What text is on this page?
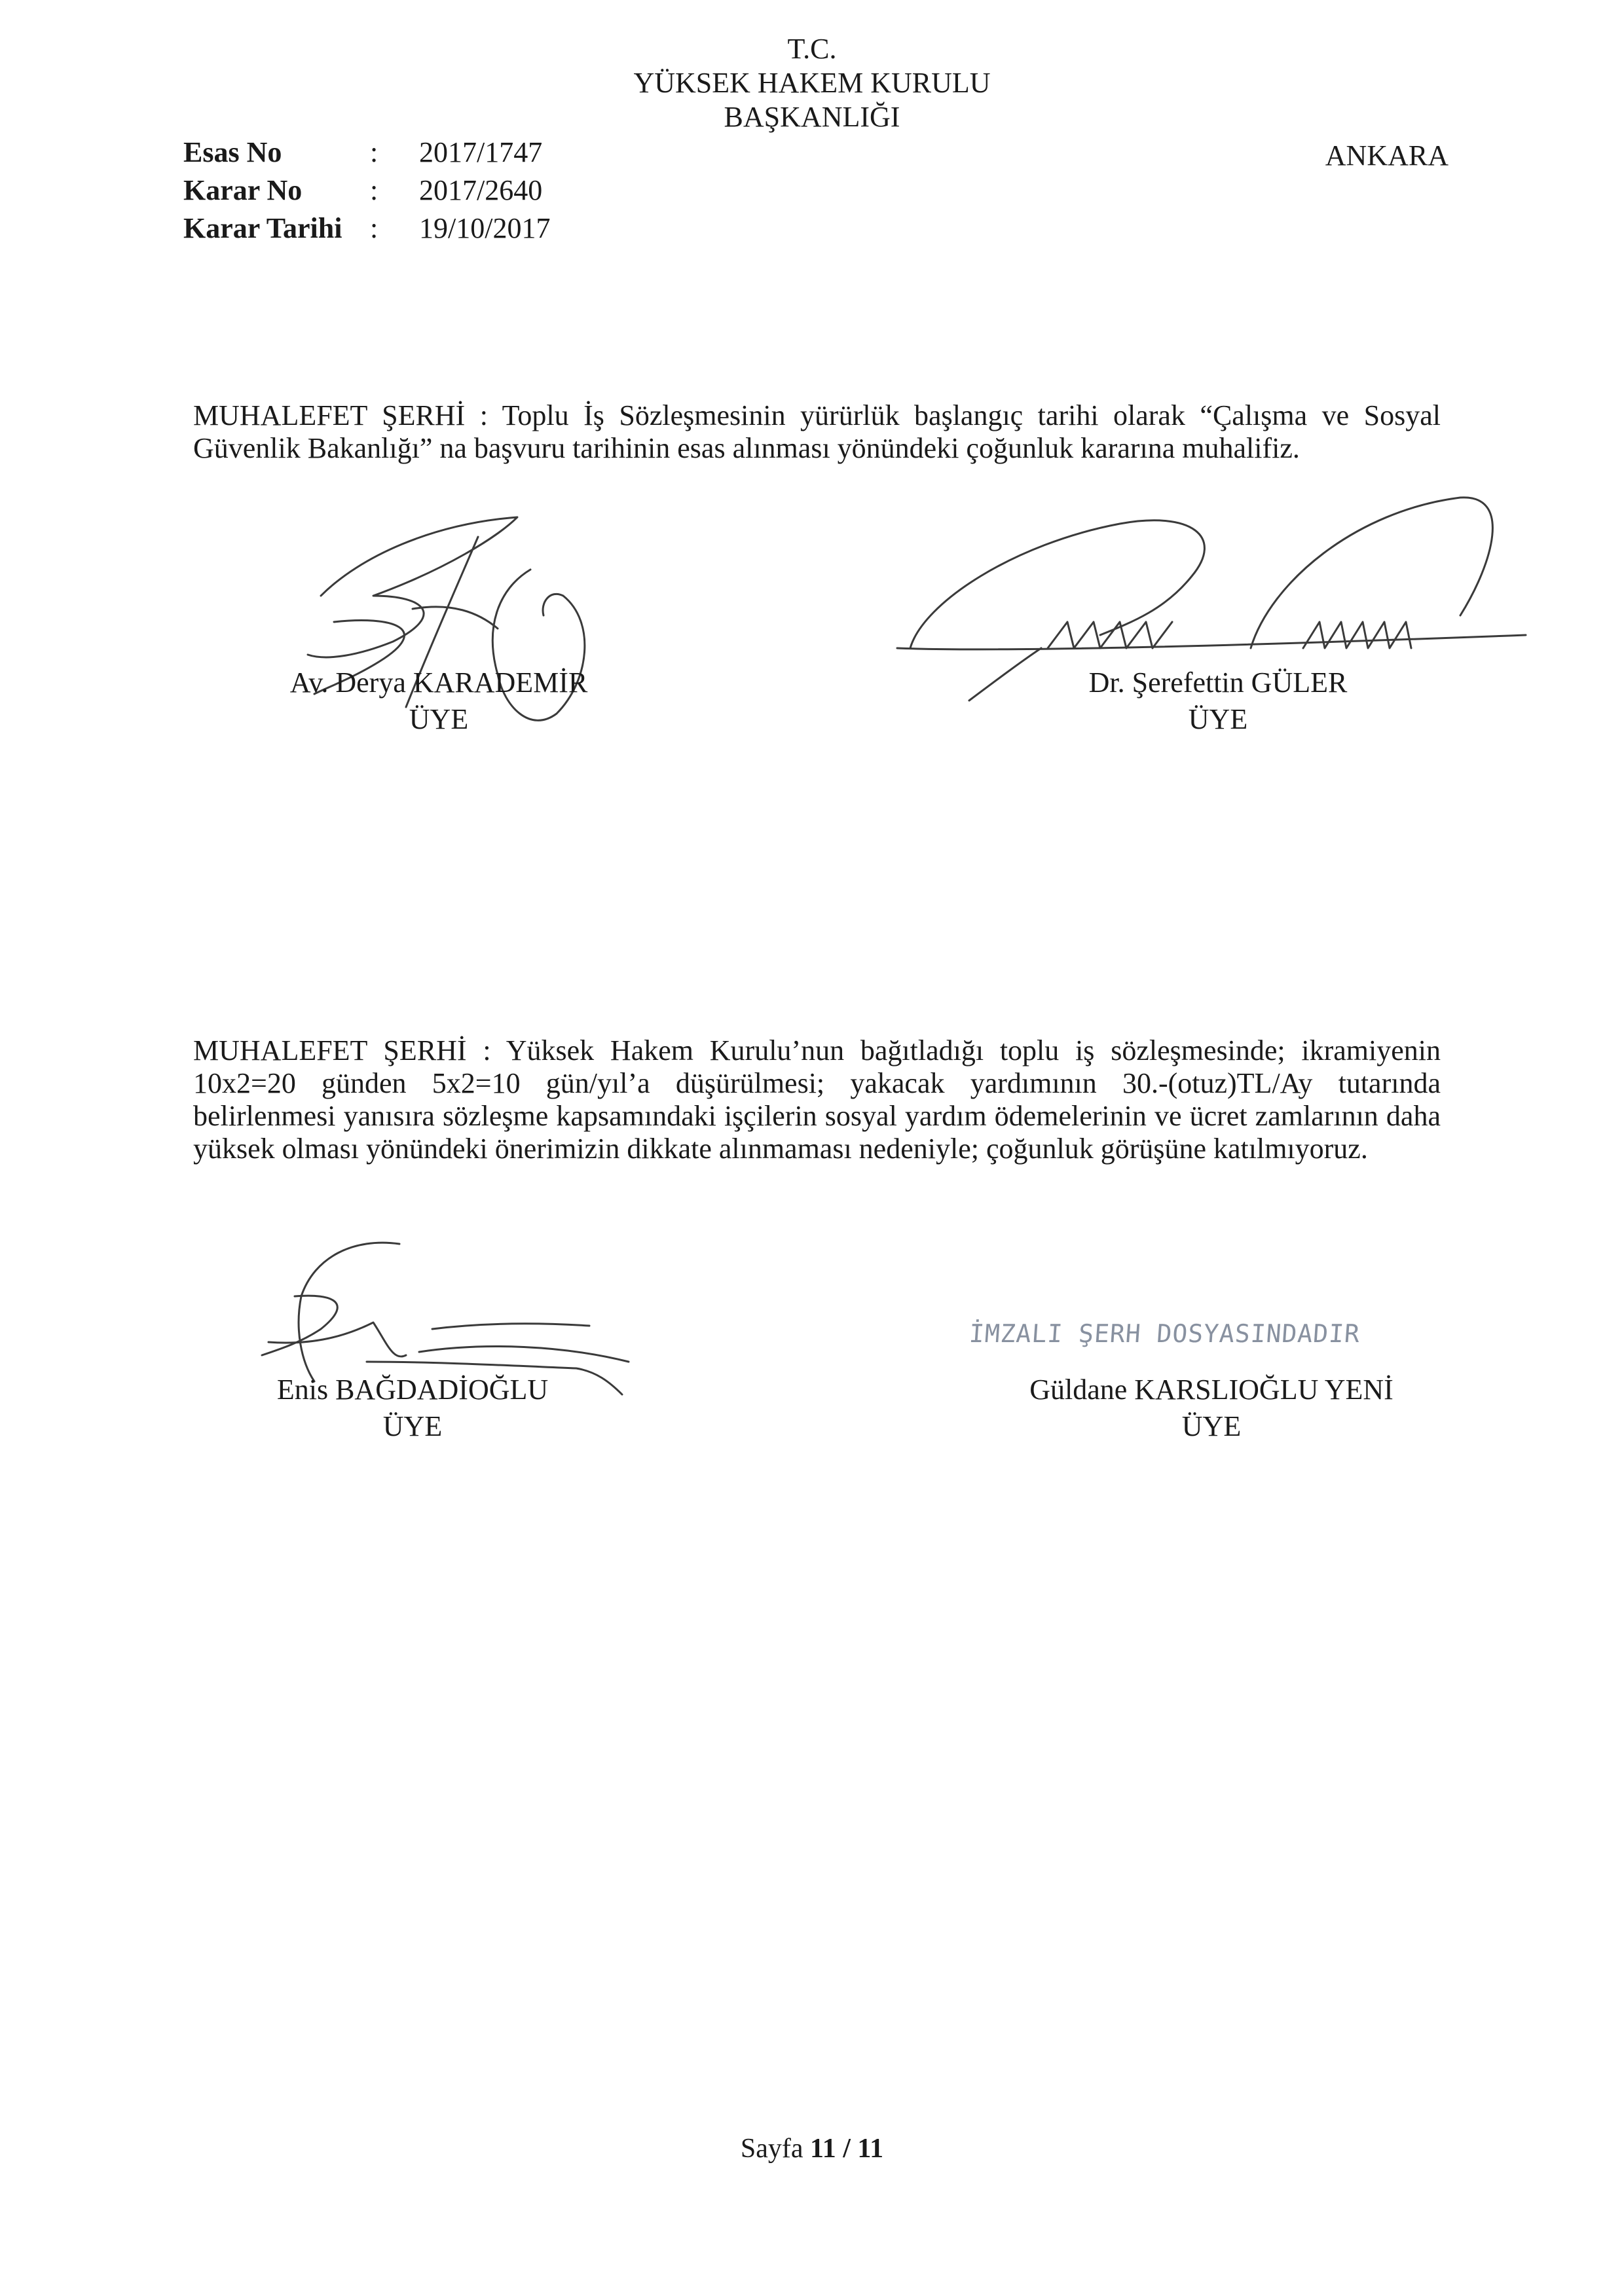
T.C.
YÜKSEK HAKEM KURULU
BAŞKANLIĞI
Esas No	: 2017/1747
Karar No : 2017/2640
Karar Tarihi : 19/10/2017
ANKARA

MUHALEFET ŞERHİ : Toplu İş Sözleşmesinin yürürlük başlangıç tarihi olarak “Çalışma ve Sosyal Güvenlik Bakanlığı” na başvuru tarihinin esas alınması yönündeki çoğunluk kararına muhalifiz.

Av. Derya KARADEMİR
ÜYE
Dr. Şerefettin GÜLER
ÜYE

MUHALEFET ŞERHİ : Yüksek Hakem Kurulu’nun bağıtladığı toplu iş sözleşmesinde; ikramiyenin 10x2=20 günden 5x2=10 gün/yıl’a düşürülmesi; yakacak yardımının 30.-(otuz)TL/Ay tutarında belirlenmesi yanısıra sözleşme kapsamındaki işçilerin sosyal yardım ödemelerinin ve ücret zamlarının daha yüksek olması yönündeki önerimizin dikkate alınmaması nedeniyle; çoğunluk görüşüne katılmıyoruz.

Enis BAĞDADİOĞLU
ÜYE
İMZALI ŞERH DOSYASINDADIR
Güldane KARSLIOĞLU YENİ
ÜYE
Sayfa 11 / 11
